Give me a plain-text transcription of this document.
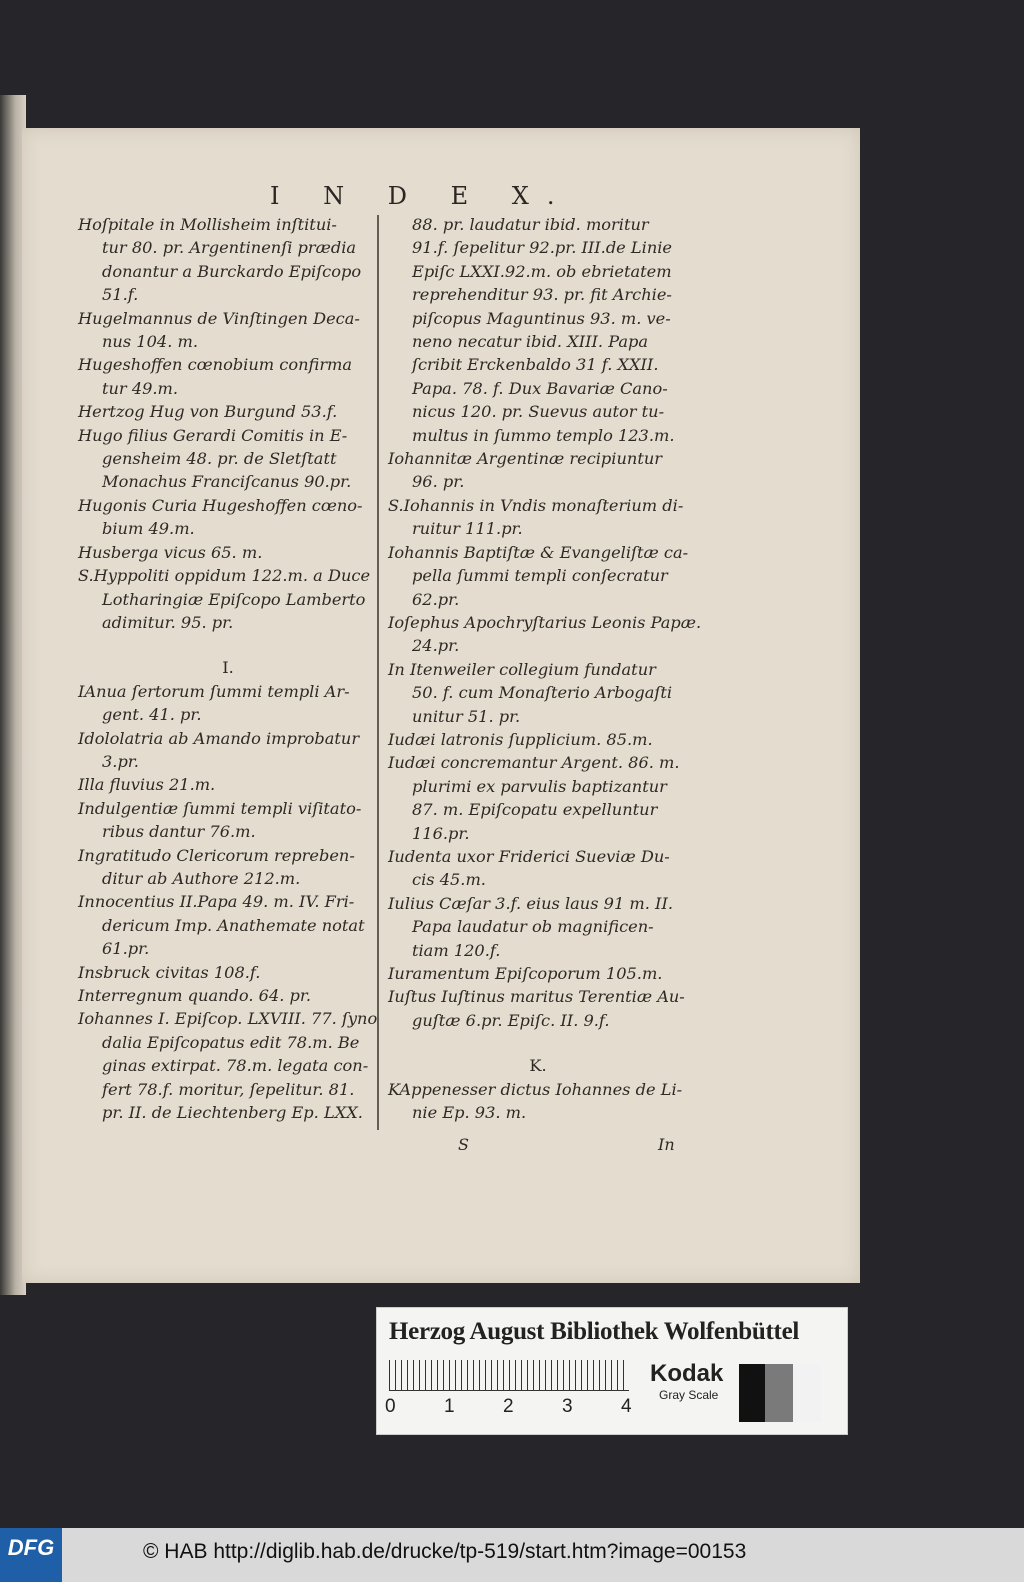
I N D E X.
Hoſpitale in Mollisheim inſtitui-
tur 80. pr. Argentinenſi prædia
donantur a Burckardo Epiſcopo
51.f.
Hugelmannus de Vinſtingen Deca-
nus 104. m.
Hugeshoffen cœnobium confirma
tur 49.m.
Hertzog Hug von Burgund 53.f.
Hugo filius Gerardi Comitis in E-
gensheim 48. pr. de Sletſtatt
Monachus Franciſcanus 90.pr.
Hugonis Curia Hugeshoffen cœno-
bium 49.m.
Husberga vicus 65. m.
S.Hyppoliti oppidum 122.m. a Duce
Lotharingiæ Epiſcopo Lamberto
adimitur. 95. pr.
I.
IAnua ſertorum ſummi templi Ar-
gent. 41. pr.
Idololatria ab Amando improbatur
3.pr.
Illa fluvius 21.m.
Indulgentiæ ſummi templi viſitato-
ribus dantur 76.m.
Ingratitudo Clericorum repreben-
ditur ab Authore 212.m.
Innocentius II.Papa 49. m. IV. Fri-
dericum Imp. Anathemate notat
61.pr.
Insbruck civitas 108.f.
Interregnum quando. 64. pr.
Iohannes I. Epiſcop. LXVIII. 77. ſyno
dalia Epiſcopatus edit 78.m. Be
ginas extirpat. 78.m. legata con-
fert 78.f. moritur, ſepelitur. 81.
pr. II. de Liechtenberg Ep. LXX.
88. pr. laudatur ibid. moritur
91.f. ſepelitur 92.pr. III.de Linie
Epiſc LXXI.92.m. ob ebrietatem
reprehenditur 93. pr. fit Archie-
piſcopus Maguntinus 93. m. ve-
neno necatur ibid. XIII. Papa
ſcribit Erckenbaldo 31 f. XXII.
Papa. 78. f. Dux Bavariæ Cano-
nicus 120. pr. Suevus autor tu-
multus in ſummo templo 123.m.
Iohannitæ Argentinæ recipiuntur
96. pr.
S.Iohannis in Vndis monaſterium di-
ruitur 111.pr.
Iohannis Baptiſtæ & Evangeliſtæ ca-
pella ſummi templi conſecratur
62.pr.
Ioſephus Apochryſtarius Leonis Papæ.
24.pr.
In Itenweiler collegium fundatur
50. f. cum Monaſterio Arbogaſti
unitur 51. pr.
Iudæi latronis ſupplicium. 85.m.
Iudæi concremantur Argent. 86. m.
plurimi ex parvulis baptizantur
87. m. Epiſcopatu expelluntur
116.pr.
Iudenta uxor Friderici Sueviæ Du-
cis 45.m.
Iulius Cæſar 3.f. eius laus 91 m. II.
Papa laudatur ob magnificen-
tiam 120.f.
Iuramentum Epiſcoporum 105.m.
Iuſtus Iuſtinus maritus Terentiæ Au-
guſtæ 6.pr. Epiſc. II. 9.f.
K.
KAppenesser dictus Iohannes de Li-
nie Ep. 93. m.
S	In
Herzog August Bibliothek Wolfenbüttel
0	1	2	3	4
Kodak
Gray Scale
DFG	© HAB http://diglib.hab.de/drucke/tp-519/start.htm?image=00153
